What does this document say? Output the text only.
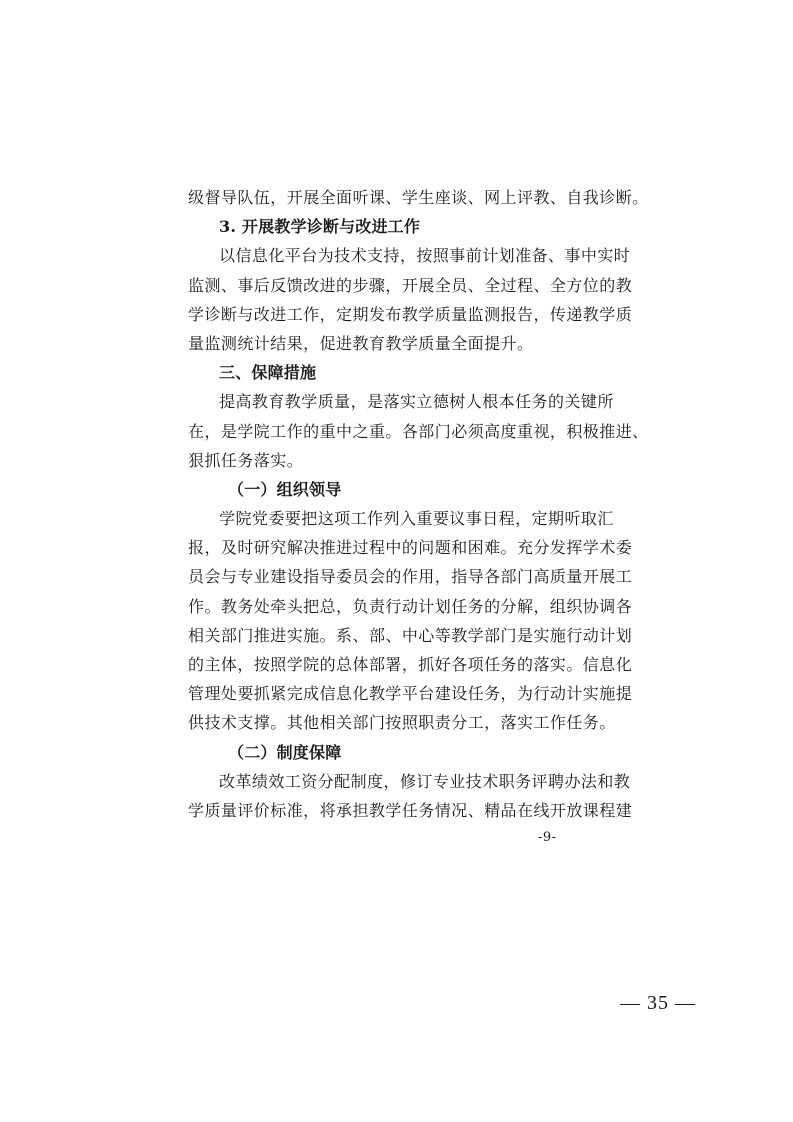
级督导队伍，开展全面听课、学生座谈、网上评教、自我诊断。
3. 开展教学诊断与改进工作
以信息化平台为技术支持，按照事前计划准备、事中实时
监测、事后反馈改进的步骤，开展全员、全过程、全方位的教
学诊断与改进工作，定期发布教学质量监测报告，传递教学质
量监测统计结果，促进教育教学质量全面提升。
三、保障措施
提高教育教学质量，是落实立德树人根本任务的关键所
在，是学院工作的重中之重。各部门必须高度重视，积极推进、
狠抓任务落实。
（一）组织领导
学院党委要把这项工作列入重要议事日程，定期听取汇
报，及时研究解决推进过程中的问题和困难。充分发挥学术委
员会与专业建设指导委员会的作用，指导各部门高质量开展工
作。教务处牵头把总，负责行动计划任务的分解，组织协调各
相关部门推进实施。系、部、中心等教学部门是实施行动计划
的主体，按照学院的总体部署，抓好各项任务的落实。信息化
管理处要抓紧完成信息化教学平台建设任务，为行动计实施提
供技术支撑。其他相关部门按照职责分工，落实工作任务。
（二）制度保障
改革绩效工资分配制度，修订专业技术职务评聘办法和教
学质量评价标准，将承担教学任务情况、精品在线开放课程建
-9-
— 35 —
